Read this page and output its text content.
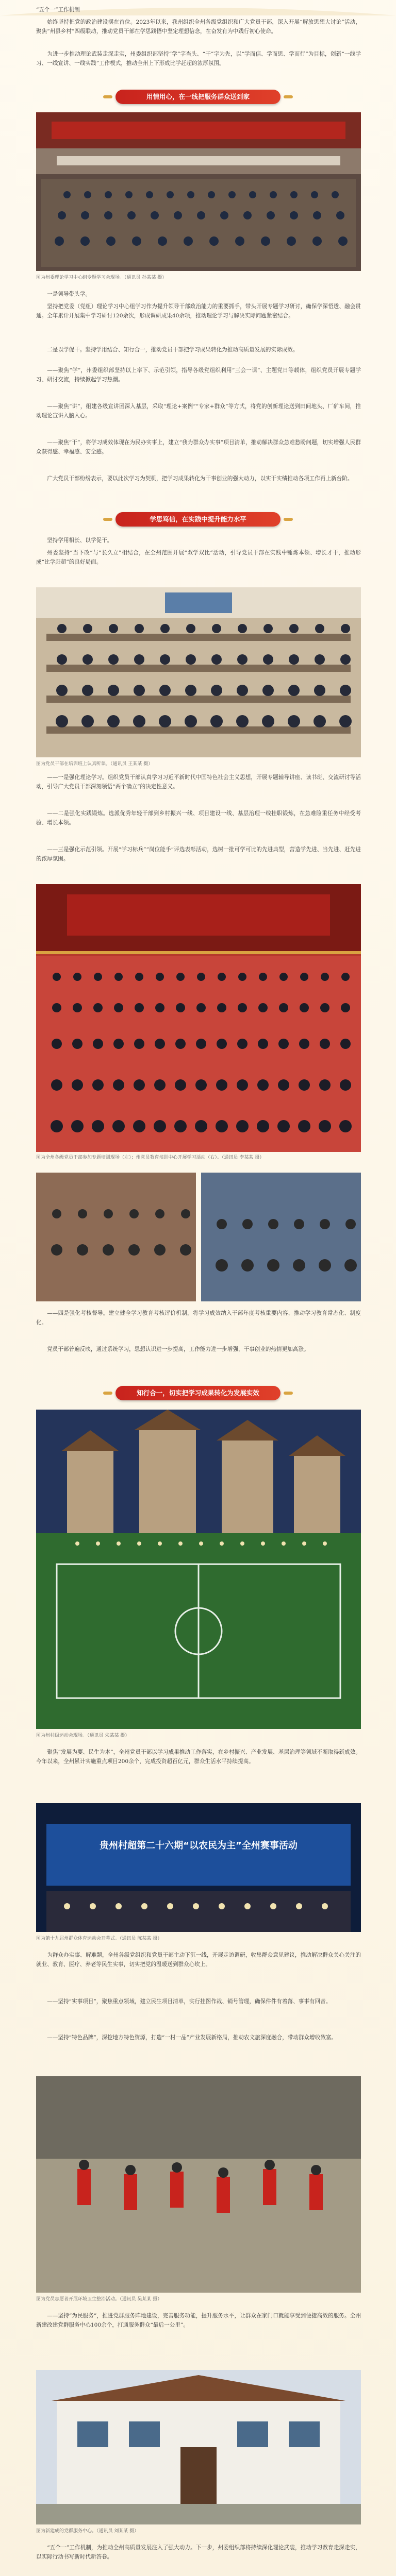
“五个一”工作机制
始终坚持把党的政治建设摆在首位。2023年以来，我州组织全州各级党组织和广大党员干部，深入开展“解放思想大讨论”活动，聚焦“州县乡村”四级联动，推动党员干部在学思践悟中坚定理想信念，在奋发有为中践行初心使命。
为进一步推动理论武装走深走实，州委组织部坚持“学”字当头、“干”字为先，以“学而信、学而思、学而行”为目标，创新“一线学习、一线宣讲、一线实践”工作模式，推动全州上下形成比学赶超的浓厚氛围。
用情用心，在一线把服务群众送到家
图为州委理论学习中心组专题学习会现场。（通讯员 孙某某 摄）
一是领导带头学。
坚持把党委（党组）理论学习中心组学习作为提升领导干部政治能力的重要抓手，带头开展专题学习研讨，确保学深悟透、融会贯通。全年累计开展集中学习研讨120余次，形成调研成果40余项，推动理论学习与解决实际问题紧密结合。
二是以学促干。坚持学用结合、知行合一，推动党员干部把学习成果转化为推动高质量发展的实际成效。
——聚焦“学”，州委组织部坚持以上率下、示范引领，指导各级党组织利用“三会一课”、主题党日等载体，组织党员开展专题学习、研讨交流，持续掀起学习热潮。
——聚焦“讲”，组建各级宣讲团深入基层，采取“理论+案例”“专家+群众”等方式，将党的创新理论送到田间地头、厂矿车间，推动理论宣讲入脑入心。
——聚焦“干”，将学习成效体现在为民办实事上，建立“我为群众办实事”项目清单，推动解决群众急难愁盼问题，切实增强人民群众获得感、幸福感、安全感。
广大党员干部纷纷表示，要以此次学习为契机，把学习成果转化为干事创业的强大动力，以实干实绩推动各项工作再上新台阶。
学思笃信，在实践中提升能力水平
坚持学用相长、以学促干。
州委坚持“当下改”与“长久立”相结合，在全州范围开展“双学双比”活动，引导党员干部在实践中锤炼本领、增长才干，推动形成“比学赶超”的良好局面。
图为党员干部在培训班上认真听课。（通讯员 王某某 摄）
——一是强化理论学习。组织党员干部认真学习习近平新时代中国特色社会主义思想，开展专题辅导讲座、读书班、交流研讨等活动，引导广大党员干部深刻领悟“两个确立”的决定性意义。
——二是强化实践锻炼。选派优秀年轻干部到乡村振兴一线、项目建设一线、基层治理一线挂职锻炼，在急难险重任务中经受考验、增长本领。
——三是强化示范引领。开展“学习标兵”“岗位能手”评选表彰活动，选树一批可学可比的先进典型，营造学先进、当先进、赶先进的浓厚氛围。
图为全州各级党员干部参加专题培训现场（左）；州党员教育培训中心开展学习活动（右）。（通讯员 李某某 摄）
——四是强化考核督导。建立健全学习教育考核评价机制，将学习成效纳入干部年度考核重要内容，推动学习教育常态化、制度化。
党员干部普遍反映，通过系统学习，思想认识进一步提高，工作能力进一步增强，干事创业的热情更加高涨。
知行合一，切实把学习成果转化为发展实效
图为州村级运动会现场。（通讯员 朱某某 摄）
聚焦“发展为要、民生为本”，全州党员干部以学习成果推动工作落实，在乡村振兴、产业发展、基层治理等领域不断取得新成效。今年以来，全州累计实施重点项目200余个，完成投资超百亿元，群众生活水平持续提高。
贵州村超第二十六期“以农民为主”全州赛事活动
图为第十九届州群众体育运动会开幕式。（通讯员 陈某某 摄）
为群众办实事、解难题，全州各级党组织和党员干部主动下沉一线，开展走访调研，收集群众意见建议，推动解决群众关心关注的就业、教育、医疗、养老等民生实事，切实把党的温暖送到群众心坎上。
——坚持“实事项目”，聚焦重点领域，建立民生项目清单，实行挂图作战、销号管理，确保件件有着落、事事有回音。
——坚持“特色品牌”，深挖地方特色资源，打造“一村一品”产业发展新格局，推动农文旅深度融合，带动群众增收致富。
图为党员志愿者开展环境卫生整治活动。（通讯员 吴某某 摄）
——坚持“为民服务”，推进党群服务阵地建设，完善服务功能，提升服务水平，让群众在家门口就能享受到便捷高效的服务。全州新建改建党群服务中心100余个，打通服务群众“最后一公里”。
图为新建成的党群服务中心。（通讯员 刘某某 摄）
“五个一”工作机制，为推动全州高质量发展注入了强大动力。下一步，州委组织部将持续深化理论武装，推动学习教育走深走实，以实际行动书写新时代新答卷。
